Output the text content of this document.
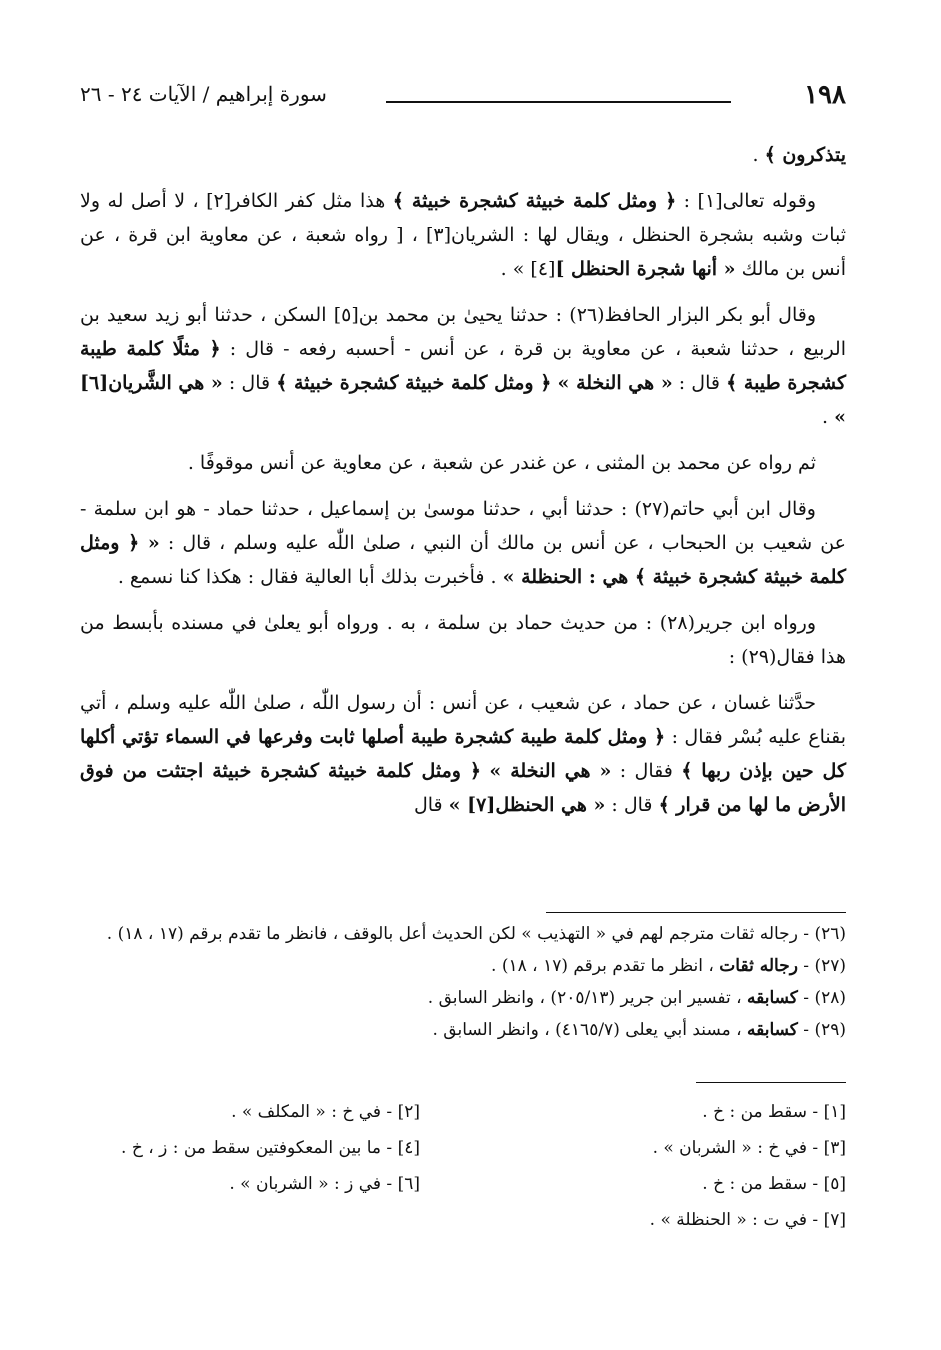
١٩٨
سورة إبراهيم / الآيات ٢٤ - ٢٦

يتذكرون ﴾ .

وقوله تعالى[١] : ﴿ ومثل كلمة خبيثة كشجرة خبيثة ﴾ هذا مثل كفر الكافر[٢] ، لا أصل له ولا ثبات وشبه بشجرة الحنظل ، ويقال لها : الشريان[٣] ، [ رواه شعبة ، عن معاوية ابن قرة ، عن أنس بن مالك « أنها شجرة الحنظل ][٤] » .

وقال أبو بكر البزار الحافظ(٢٦) : حدثنا يحيىٰ بن محمد بن[٥] السكن ، حدثنا أبو زيد سعيد بن الربيع ، حدثنا شعبة ، عن معاوية بن قرة ، عن أنس - أحسبه رفعه - قال : ﴿ مثلًا كلمة طيبة كشجرة طيبة ﴾ قال : « هي النخلة » ﴿ ومثل كلمة خبيثة كشجرة خبيثة ﴾ قال : « هي الشَّريان[٦] » .

ثم رواه عن محمد بن المثنى ، عن غندر عن شعبة ، عن معاوية عن أنس موقوفًا .

وقال ابن أبي حاتم(٢٧) : حدثنا أبي ، حدثنا موسىٰ بن إسماعيل ، حدثنا حماد - هو ابن سلمة - عن شعيب بن الحبحاب ، عن أنس بن مالك أن النبي ، صلىٰ اللّٰه عليه وسلم ، قال : « ﴿ ومثل كلمة خبيثة كشجرة خبيثة ﴾ هي : الحنظلة » . فأخبرت بذلك أبا العالية فقال : هكذا كنا نسمع .

ورواه ابن جرير(٢٨) : من حديث حماد بن سلمة ، به . ورواه أبو يعلىٰ في مسنده بأبسط من هذا فقال(٢٩) :

حدَّثنا غسان ، عن حماد ، عن شعيب ، عن أنس : أن رسول اللّٰه ، صلىٰ اللّٰه عليه وسلم ، أتي بقناع عليه بُسْر فقال : ﴿ ومثل كلمة طيبة كشجرة طيبة أصلها ثابت وفرعها في السماء تؤتي أكلها كل حين بإذن ربها ﴾ فقال : « هي النخلة » ﴿ ومثل كلمة خبيثة كشجرة خبيثة اجتثت من فوق الأرض ما لها من قرار ﴾ قال : « هي الحنظل[٧] » قال

(٢٦) - رجاله ثقات مترجم لهم في « التهذيب » لكن الحديث أعل بالوقف ، فانظر ما تقدم برقم (١٧ ، ١٨) .

(٢٧) - رجاله ثقات ، انظر ما تقدم برقم (١٧ ، ١٨) .

(٢٨) - كسابقه ، تفسير ابن جرير (٢٠٥/١٣) ، وانظر السابق .

(٢٩) - كسابقه ، مسند أبي يعلى (٤١٦٥/٧) ، وانظر السابق .

[١] - سقط من : خ .

[٣] - في خ : « الشربان » .

[٥] - سقط من : خ .

[٧] - في ت : « الحنظلة » .

[٢] - في خ : « المكلف » .

[٤] - ما بين المعكوفتين سقط من : ز ، خ .

[٦] - في ز : « الشربان » .
